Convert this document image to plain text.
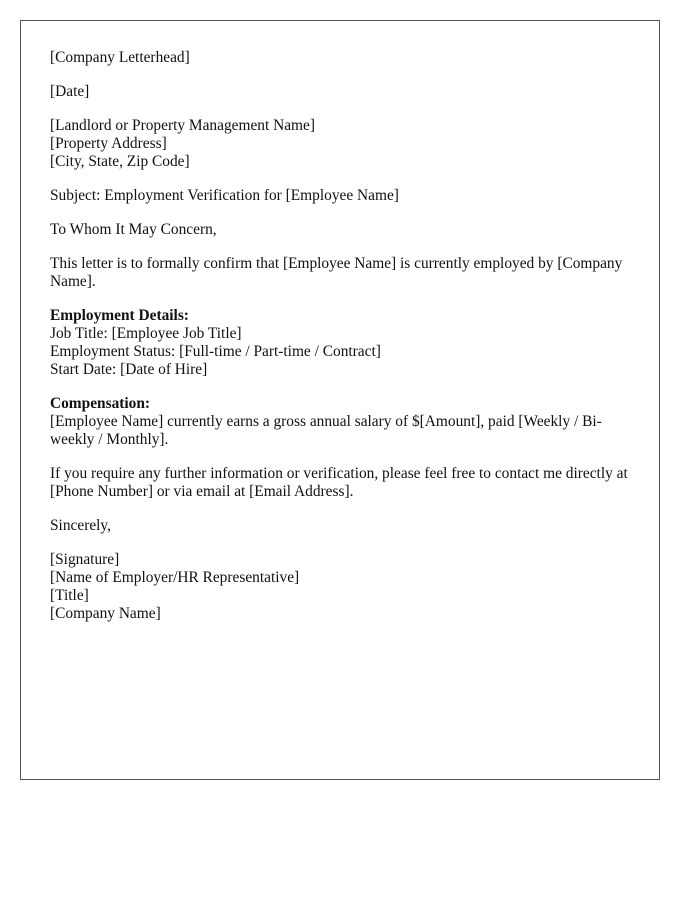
[Company Letterhead]

[Date]

[Landlord or Property Management Name]
[Property Address]
[City, State, Zip Code]

Subject: Employment Verification for [Employee Name]

To Whom It May Concern,

This letter is to formally confirm that [Employee Name] is currently employed by [Company Name].

Employment Details:
Job Title: [Employee Job Title]
Employment Status: [Full-time / Part-time / Contract]
Start Date: [Date of Hire]

Compensation:
[Employee Name] currently earns a gross annual salary of $[Amount], paid [Weekly / Bi-weekly / Monthly].

If you require any further information or verification, please feel free to contact me directly at [Phone Number] or via email at [Email Address].

Sincerely,

[Signature]
[Name of Employer/HR Representative]
[Title]
[Company Name]
